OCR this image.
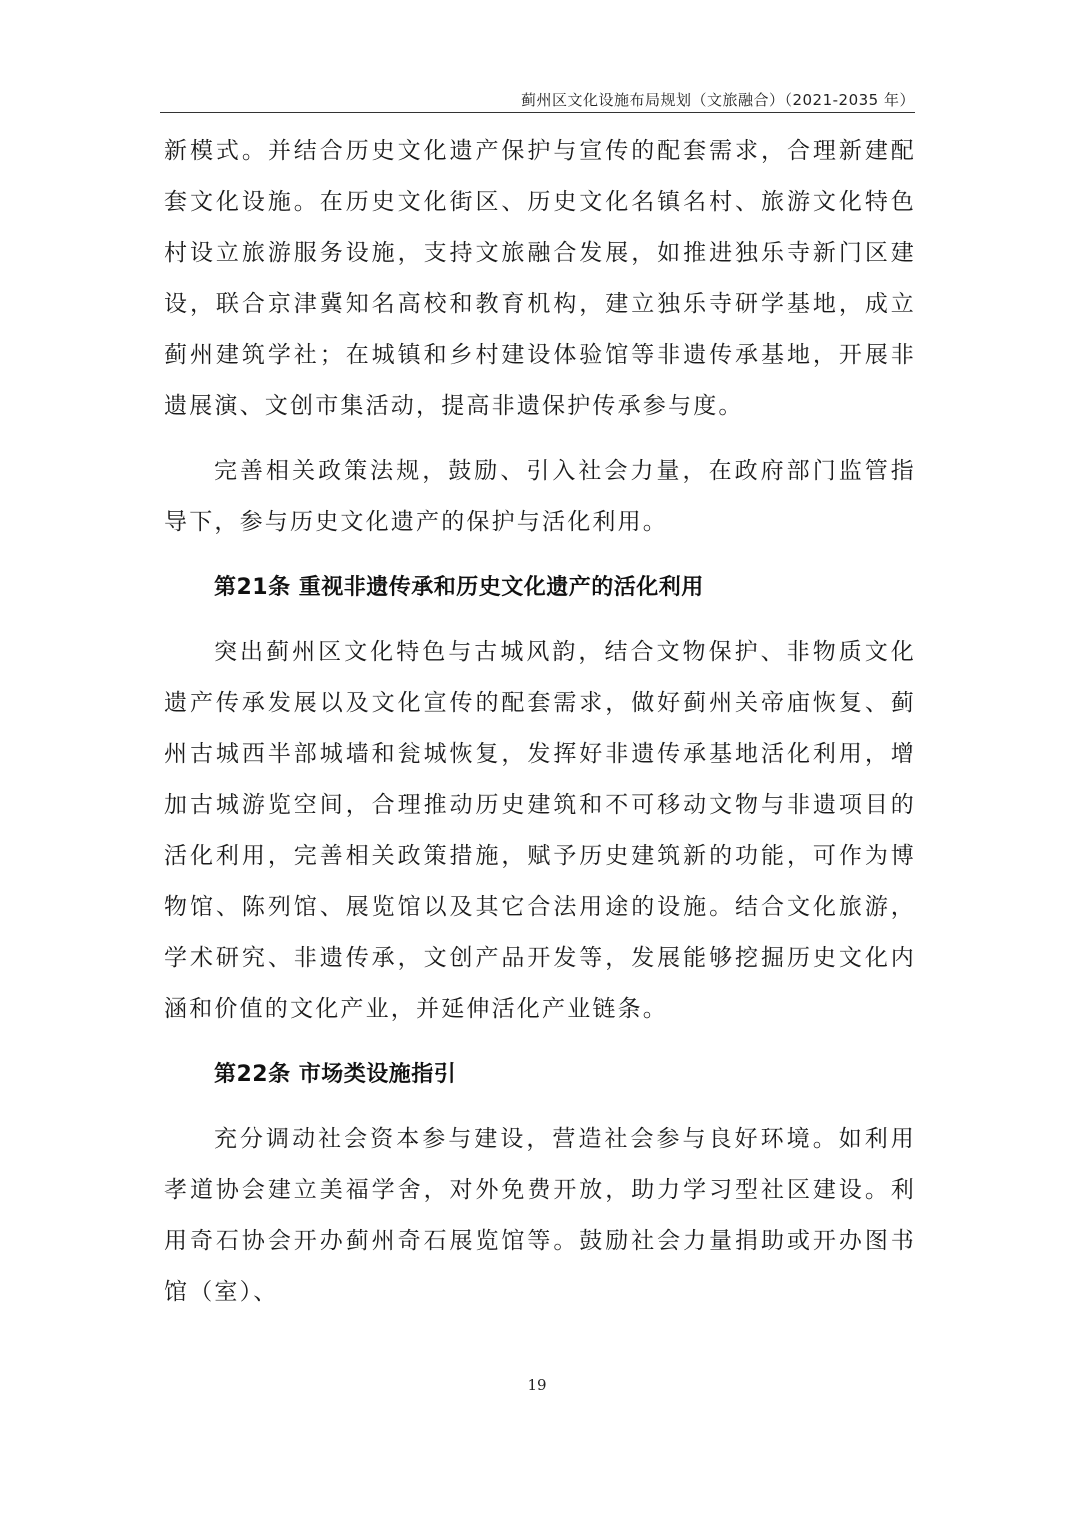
蓟州区文化设施布局规划（文旅融合）（2021-2035 年）

新模式。并结合历史文化遗产保护与宣传的配套需求，合理新建配套文化设施。在历史文化街区、历史文化名镇名村、旅游文化特色村设立旅游服务设施，支持文旅融合发展，如推进独乐寺新门区建设，联合京津冀知名高校和教育机构，建立独乐寺研学基地，成立蓟州建筑学社；在城镇和乡村建设体验馆等非遗传承基地，开展非遗展演、文创市集活动，提高非遗保护传承参与度。

完善相关政策法规，鼓励、引入社会力量，在政府部门监管指导下，参与历史文化遗产的保护与活化利用。

第21条 重视非遗传承和历史文化遗产的活化利用

突出蓟州区文化特色与古城风韵，结合文物保护、非物质文化遗产传承发展以及文化宣传的配套需求，做好蓟州关帝庙恢复、蓟州古城西半部城墙和瓮城恢复，发挥好非遗传承基地活化利用，增加古城游览空间，合理推动历史建筑和不可移动文物与非遗项目的活化利用，完善相关政策措施，赋予历史建筑新的功能，可作为博物馆、陈列馆、展览馆以及其它合法用途的设施。结合文化旅游，学术研究、非遗传承，文创产品开发等，发展能够挖掘历史文化内涵和价值的文化产业，并延伸活化产业链条。

第22条 市场类设施指引

充分调动社会资本参与建设，营造社会参与良好环境。如利用孝道协会建立美福学舍，对外免费开放，助力学习型社区建设。利用奇石协会开办蓟州奇石展览馆等。鼓励社会力量捐助或开办图书馆（室）、

19
